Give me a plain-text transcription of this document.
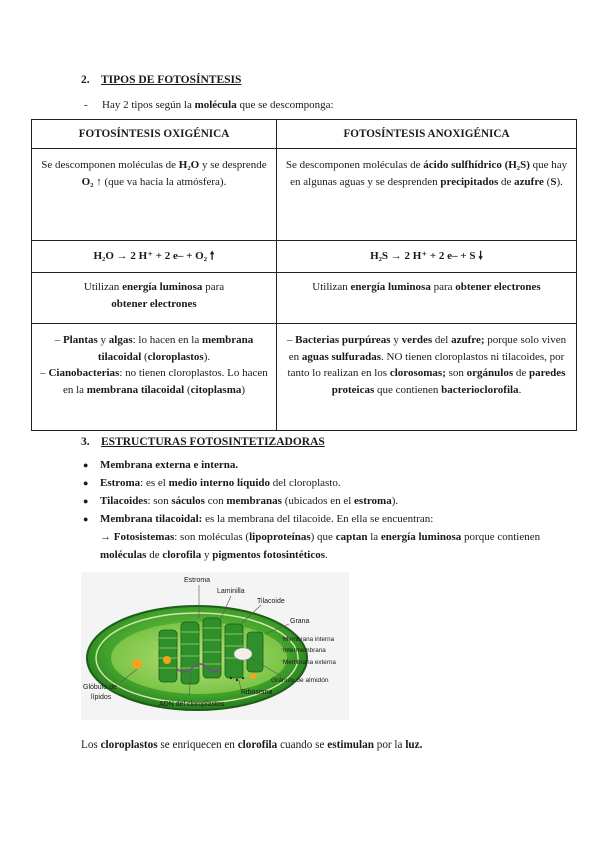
2. TIPOS DE FOTOSÍNTESIS
- Hay 2 tipos según la molécula que se descomponga:
FOTOSÍNTESIS OXIGÉNICA	FOTOSÍNTESIS ANOXIGÉNICA
Se descomponen moléculas de H₂O y se desprende O₂ ↑ (que va hacia la atmósfera).	Se descomponen moléculas de ácido sulfhídrico (H₂S) que hay en algunas aguas y se desprenden precipitados de azufre (S).
H₂O → 2 H⁺ + 2 e– + O₂ 🠕	H₂S → 2 H⁺ + 2 e– + S 🠗
Utilizan energía luminosa para
obtener electrones	Utilizan energía luminosa para obtener electrones
– Plantas y algas: lo hacen en la membrana tilacoidal (cloroplastos).
– Cianobacterias: no tienen cloroplastos. Lo hacen en la membrana tilacoidal (citoplasma)	– Bacterias purpúreas y verdes del azufre; porque solo viven en aguas sulfuradas. NO tienen cloroplastos ni tilacoides, por tanto lo realizan en los clorosomas; son orgánulos de paredes proteicas que contienen bacterioclorofila.
3. ESTRUCTURAS FOTOSINTETIZADORAS
● Membrana externa e interna.
● Estroma: es el medio interno líquido del cloroplasto.
● Tilacoides: son sáculos con membranas (ubicados en el estroma).
● Membrana tilacoidal: es la membrana del tilacoide. En ella se encuentran:
→ Fotosistemas: son moléculas (lipoproteínas) que captan la energía luminosa porque contienen moléculas de clorofila y pigmentos fotosintéticos.
Estroma
Laminilla
Tilacoide
Grana
Membrana interna
Intermembrana
Membrana externa
Gránulo de almidón
Ribosoma
ADN del cloroplastos
Glóbulo de
lípidos
Los cloroplastos se enriquecen en clorofila cuando se estimulan por la luz.
